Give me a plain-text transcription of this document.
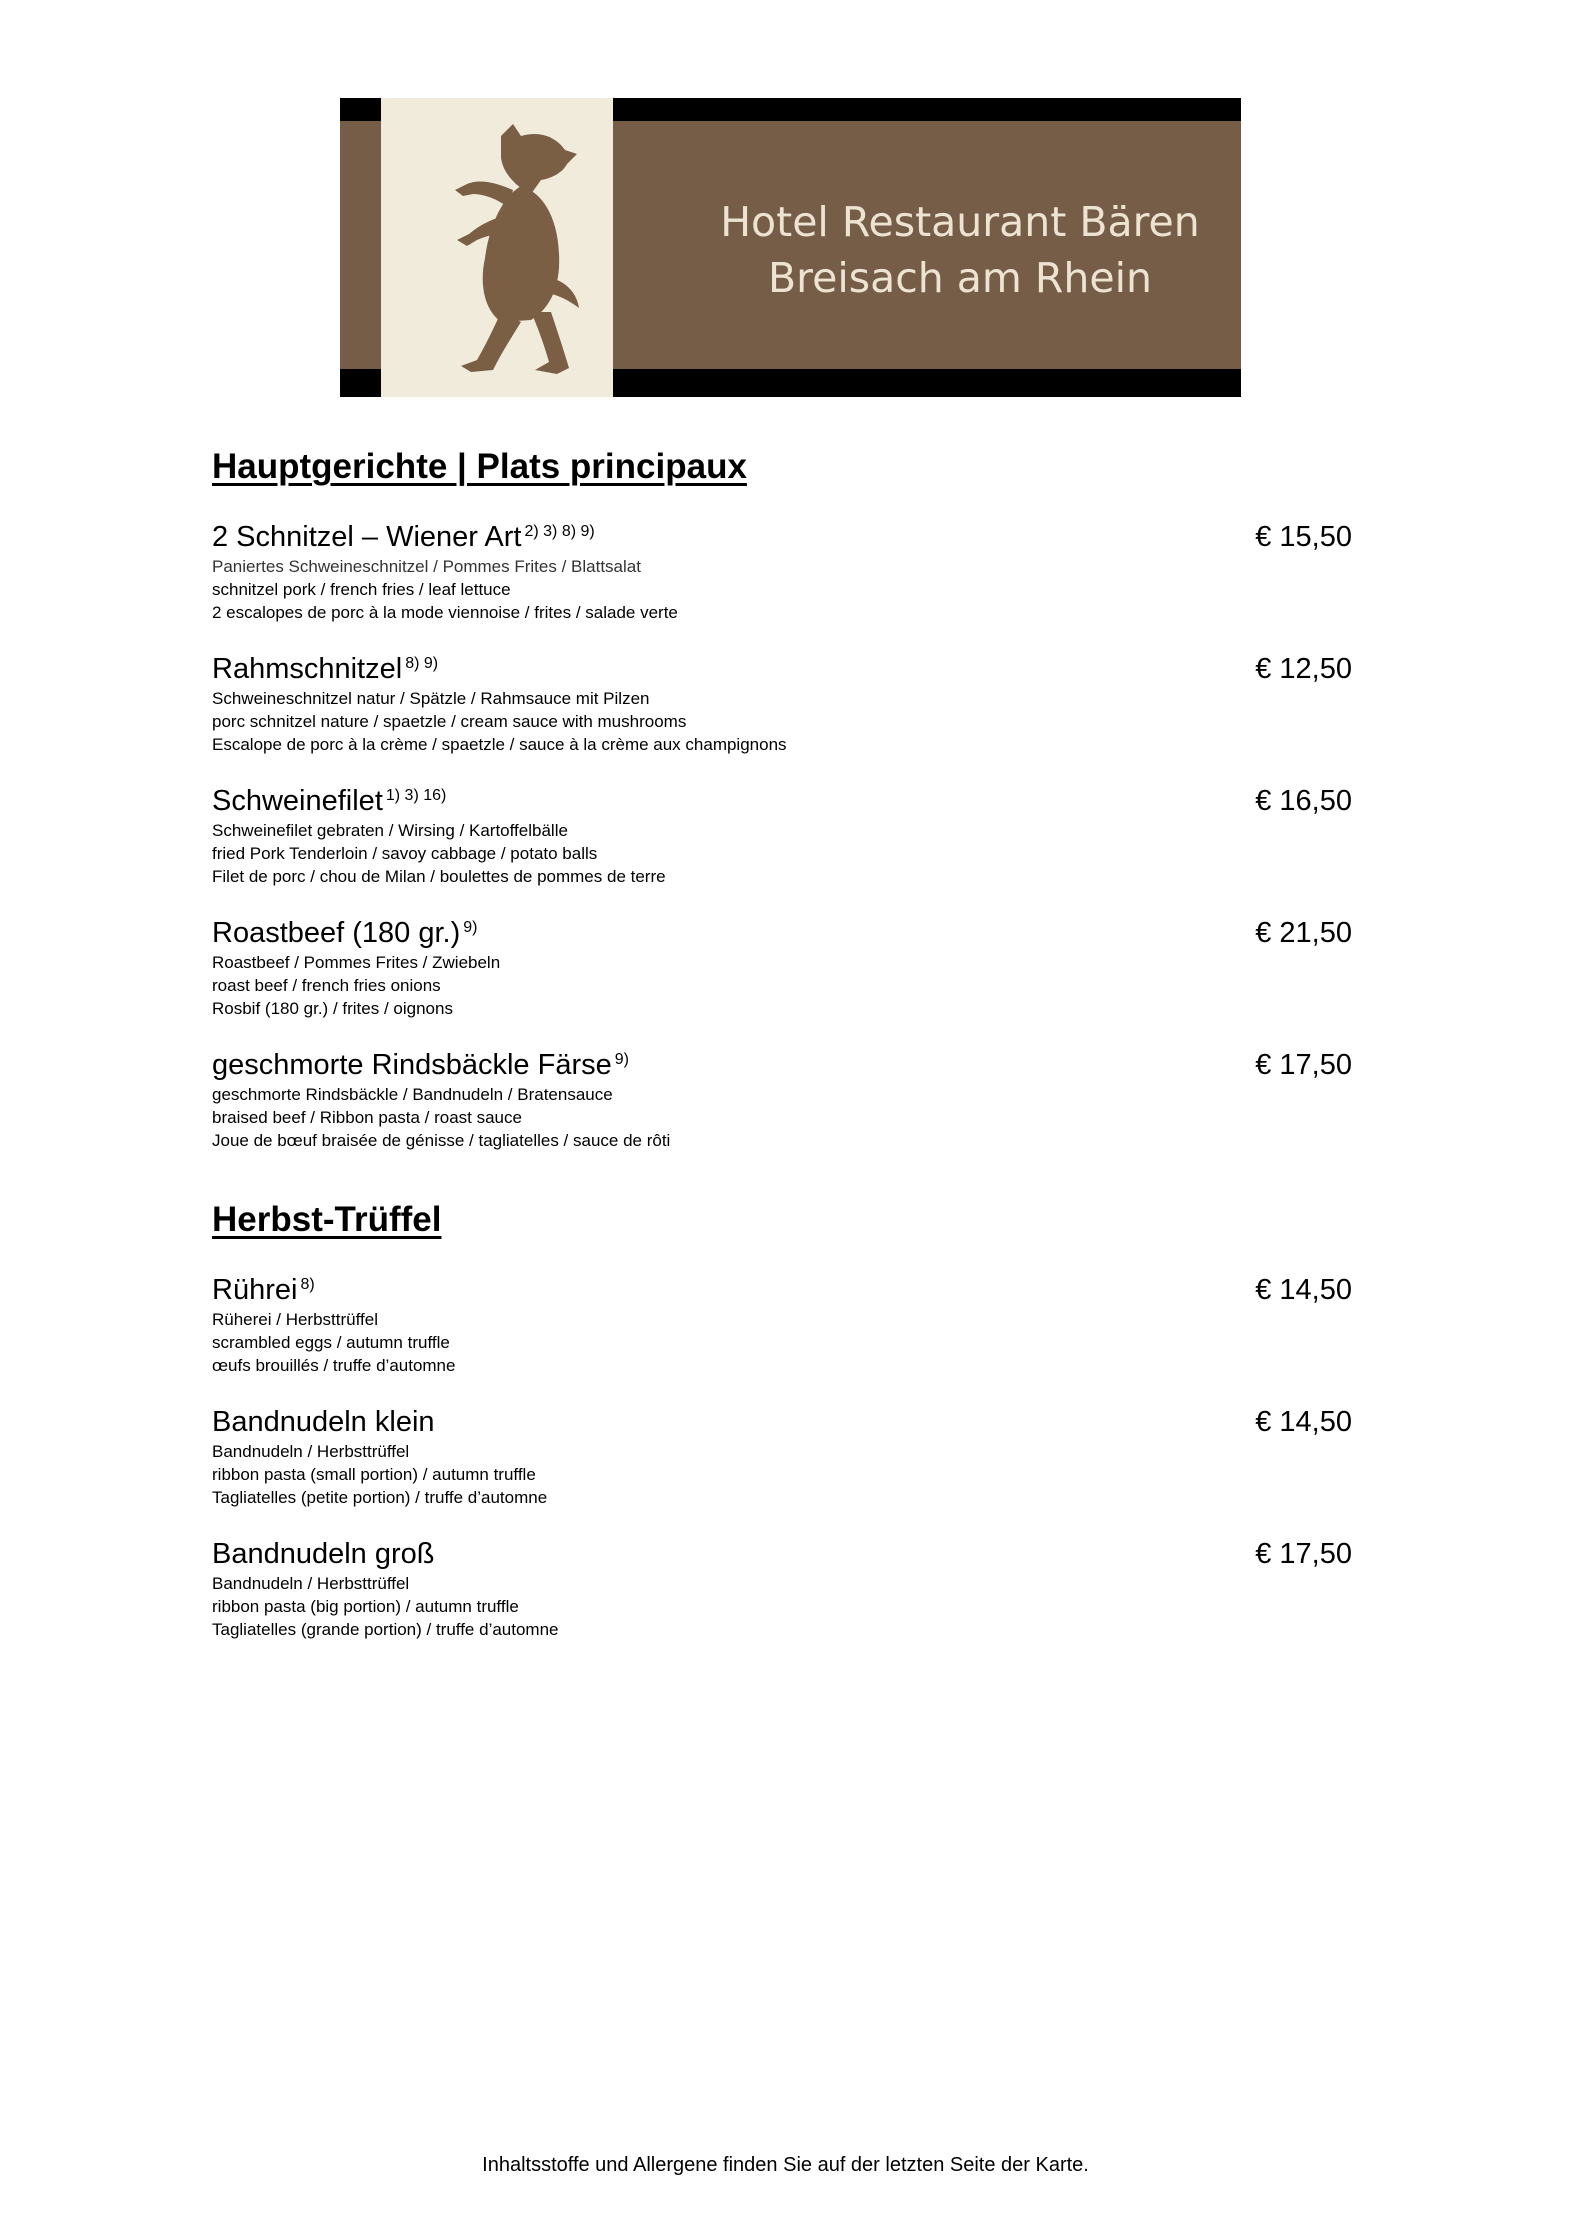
Hotel Restaurant Bären
Breisach am Rhein
Hauptgerichte | Plats principaux
2 Schnitzel – Wiener Art $^{2) 3) 8) 9)}$	€ 15,50
Paniertes Schweineschnitzel / Pommes Frites / Blattsalat
schnitzel pork / french fries / leaf lettuce
2 escalopes de porc à la mode viennoise / frites / salade verte
Rahmschnitzel $^{8) 9)}$	€ 12,50
Schweineschnitzel natur / Spätzle / Rahmsauce mit Pilzen
porc schnitzel nature / spaetzle / cream sauce with mushrooms
Escalope de porc à la crème / spaetzle / sauce à la crème aux champignons
Schweinefilet $^{1) 3) 16)}$	€ 16,50
Schweinefilet gebraten / Wirsing / Kartoffelbälle
fried Pork Tenderloin / savoy cabbage / potato balls
Filet de porc / chou de Milan / boulettes de pommes de terre
Roastbeef (180 gr.) $^{9)}$	€ 21,50
Roastbeef / Pommes Frites / Zwiebeln
roast beef / french fries onions
Rosbif (180 gr.) / frites / oignons
geschmorte Rindsbäckle Färse $^{9)}$	€ 17,50
geschmorte Rindsbäckle / Bandnudeln / Bratensauce
braised beef / Ribbon pasta / roast sauce
Joue de bœuf braisée de génisse / tagliatelles / sauce de rôti
Herbst-Trüffel
Rührei $^{8)}$	€ 14,50
Rüherei / Herbsttrüffel
scrambled eggs / autumn truffle
œufs brouillés / truffe d’automne
Bandnudeln klein	€ 14,50
Bandnudeln / Herbsttrüffel
ribbon pasta (small portion) / autumn truffle
Tagliatelles (petite portion) / truffe d’automne
Bandnudeln groß	€ 17,50
Bandnudeln / Herbsttrüffel
ribbon pasta (big portion) / autumn truffle
Tagliatelles (grande portion) / truffe d’automne
Inhaltsstoffe und Allergene finden Sie auf der letzten Seite der Karte.
